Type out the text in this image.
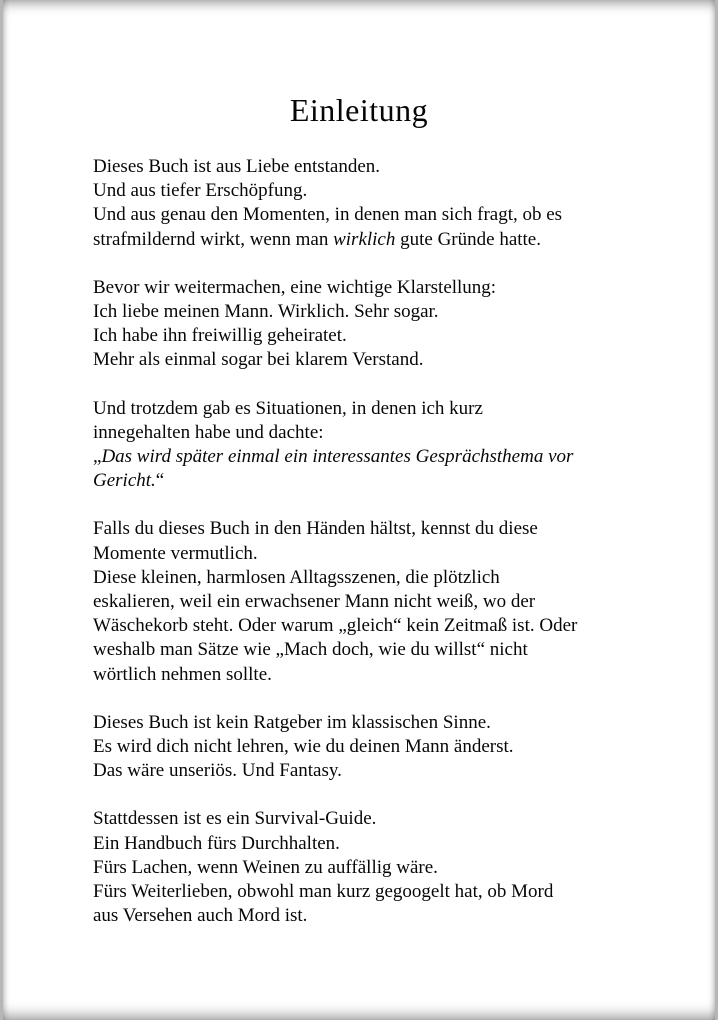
Einleitung
Dieses Buch ist aus Liebe entstanden.
Und aus tiefer Erschöpfung.
Und aus genau den Momenten, in denen man sich fragt, ob es
strafmildernd wirkt, wenn man wirklich gute Gründe hatte.
Bevor wir weitermachen, eine wichtige Klarstellung:
Ich liebe meinen Mann. Wirklich. Sehr sogar.
Ich habe ihn freiwillig geheiratet.
Mehr als einmal sogar bei klarem Verstand.
Und trotzdem gab es Situationen, in denen ich kurz
innegehalten habe und dachte:
„Das wird später einmal ein interessantes Gesprächsthema vor
Gericht.“
Falls du dieses Buch in den Händen hältst, kennst du diese
Momente vermutlich.
Diese kleinen, harmlosen Alltagsszenen, die plötzlich
eskalieren, weil ein erwachsener Mann nicht weiß, wo der
Wäschekorb steht. Oder warum „gleich“ kein Zeitmaß ist. Oder
weshalb man Sätze wie „Mach doch, wie du willst“ nicht
wörtlich nehmen sollte.
Dieses Buch ist kein Ratgeber im klassischen Sinne.
Es wird dich nicht lehren, wie du deinen Mann änderst.
Das wäre unseriös. Und Fantasy.
Stattdessen ist es ein Survival-Guide.
Ein Handbuch fürs Durchhalten.
Fürs Lachen, wenn Weinen zu auffällig wäre.
Fürs Weiterlieben, obwohl man kurz gegoogelt hat, ob Mord
aus Versehen auch Mord ist.
